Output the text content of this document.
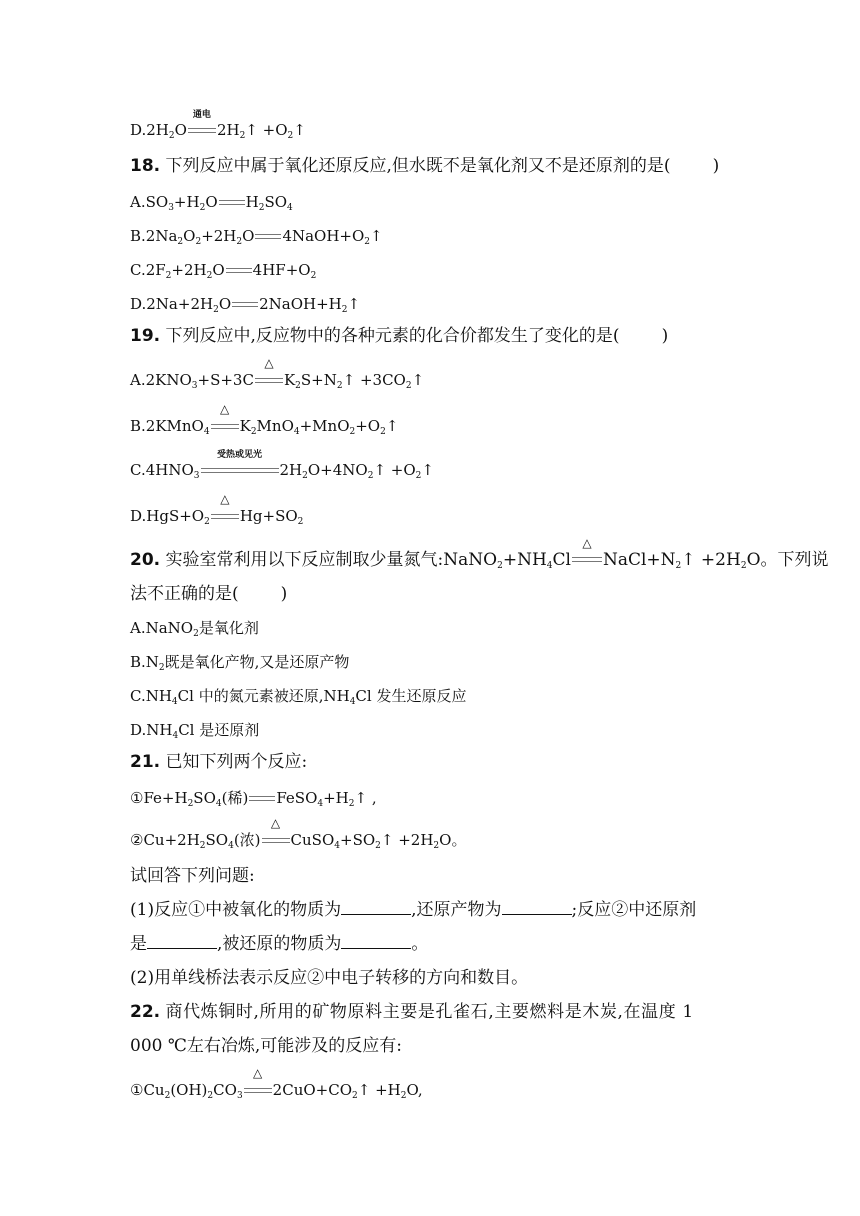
$D.2H_2O$
通电
$2H_2↑$ $+O_2↑$
18. 下列反应中属于氧化还原反应,但水既不是氧化剂又不是还原剂的是( )
$A.SO_3+H_2O$ $H_2SO_4$
$B.2Na_2O_2+2H_2O$ $4NaOH+O_2↑$
$C.2F_2+2H_2O$ $4HF+O_2$
$D.2Na+2H_2O$ $2NaOH+H_2↑$
19. 下列反应中,反应物中的各种元素的化合价都发生了变化的是( )
$A.2KNO_3+S+3C$
△
$K_2S+N_2↑$ $+3CO_2↑$
B.2KMnO$_4$
△
$K_2MnO_4+MnO_2+O_2↑$
$C.4HNO_3$
受热或见光
$2H_2O+4NO_2↑$ $+O_2↑$
$D.HgS+O_2$
△
$Hg+SO_2$
20. 实验室常利用以下反应制取少量氮气$:NaNO_2+NH_4Cl$
△
$NaCl+N_2↑ +2H_2O$。下列说
法不正确的是( )
A.NaNO$_2$是氧化剂
$B.N_2$既是氧化产物,又是还原产物
$C.NH_4Cl$ 中的氮元素被还原$,NH_4Cl$ 发生还原反应
$D.NH_4Cl$ 是还原剂
21. 已知下列两个反应:
$①Fe+H_2SO_4$(稀) $FeSO_4+H_2↑$ ,
$②Cu+2H_2SO_4$(浓)
△
$CuSO_4+SO_2↑ +2H_2O$。
试回答下列问题:
(1)反应①中被氧化的物质为	,还原产物为	;反应②中还原剂
是	,被还原的物质为	。
(2)用单线桥法表示反应②中电子转移的方向和数目。
22. 商代炼铜时,所用的矿物原料主要是孔雀石,主要燃料是木炭,在温度 1
000 ℃左右冶炼,可能涉及的反应有:
$①Cu_2(OH)_2CO_3$
△
$2CuO+CO_2↑ +H_2O$,
